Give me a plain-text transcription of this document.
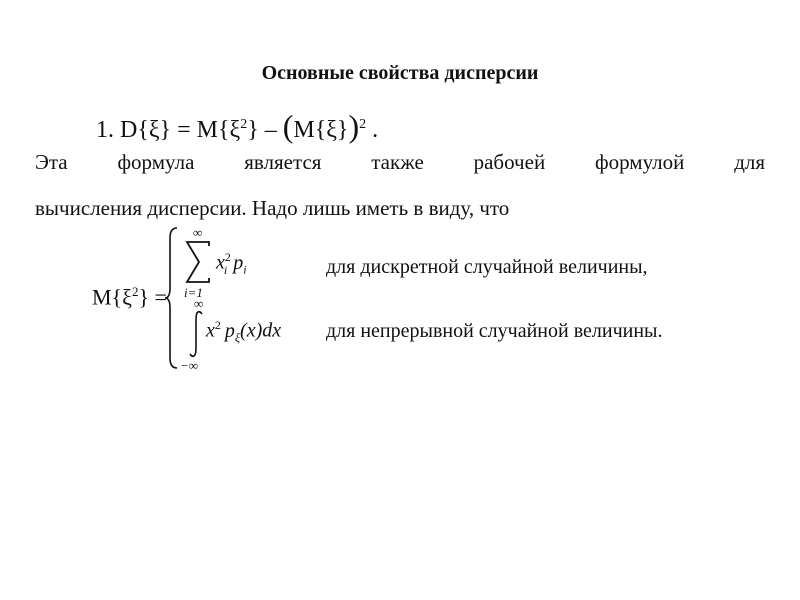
Основные свойства дисперсии
1. $D\{\xi\} = M\{\xi^2\} - (M\{\xi\})^2$ .
Эта формула является также рабочей формулой для
вычисления дисперсии. Надо лишь иметь в виду, что
$M\{\xi^2\}$ =
∞
i=1
$x^2_i$ $p_i$	для дискретной случайной величины,
∞
−∞
$x^2$ $p_\xi(x)dx$ для непрерывной случайной величины.
